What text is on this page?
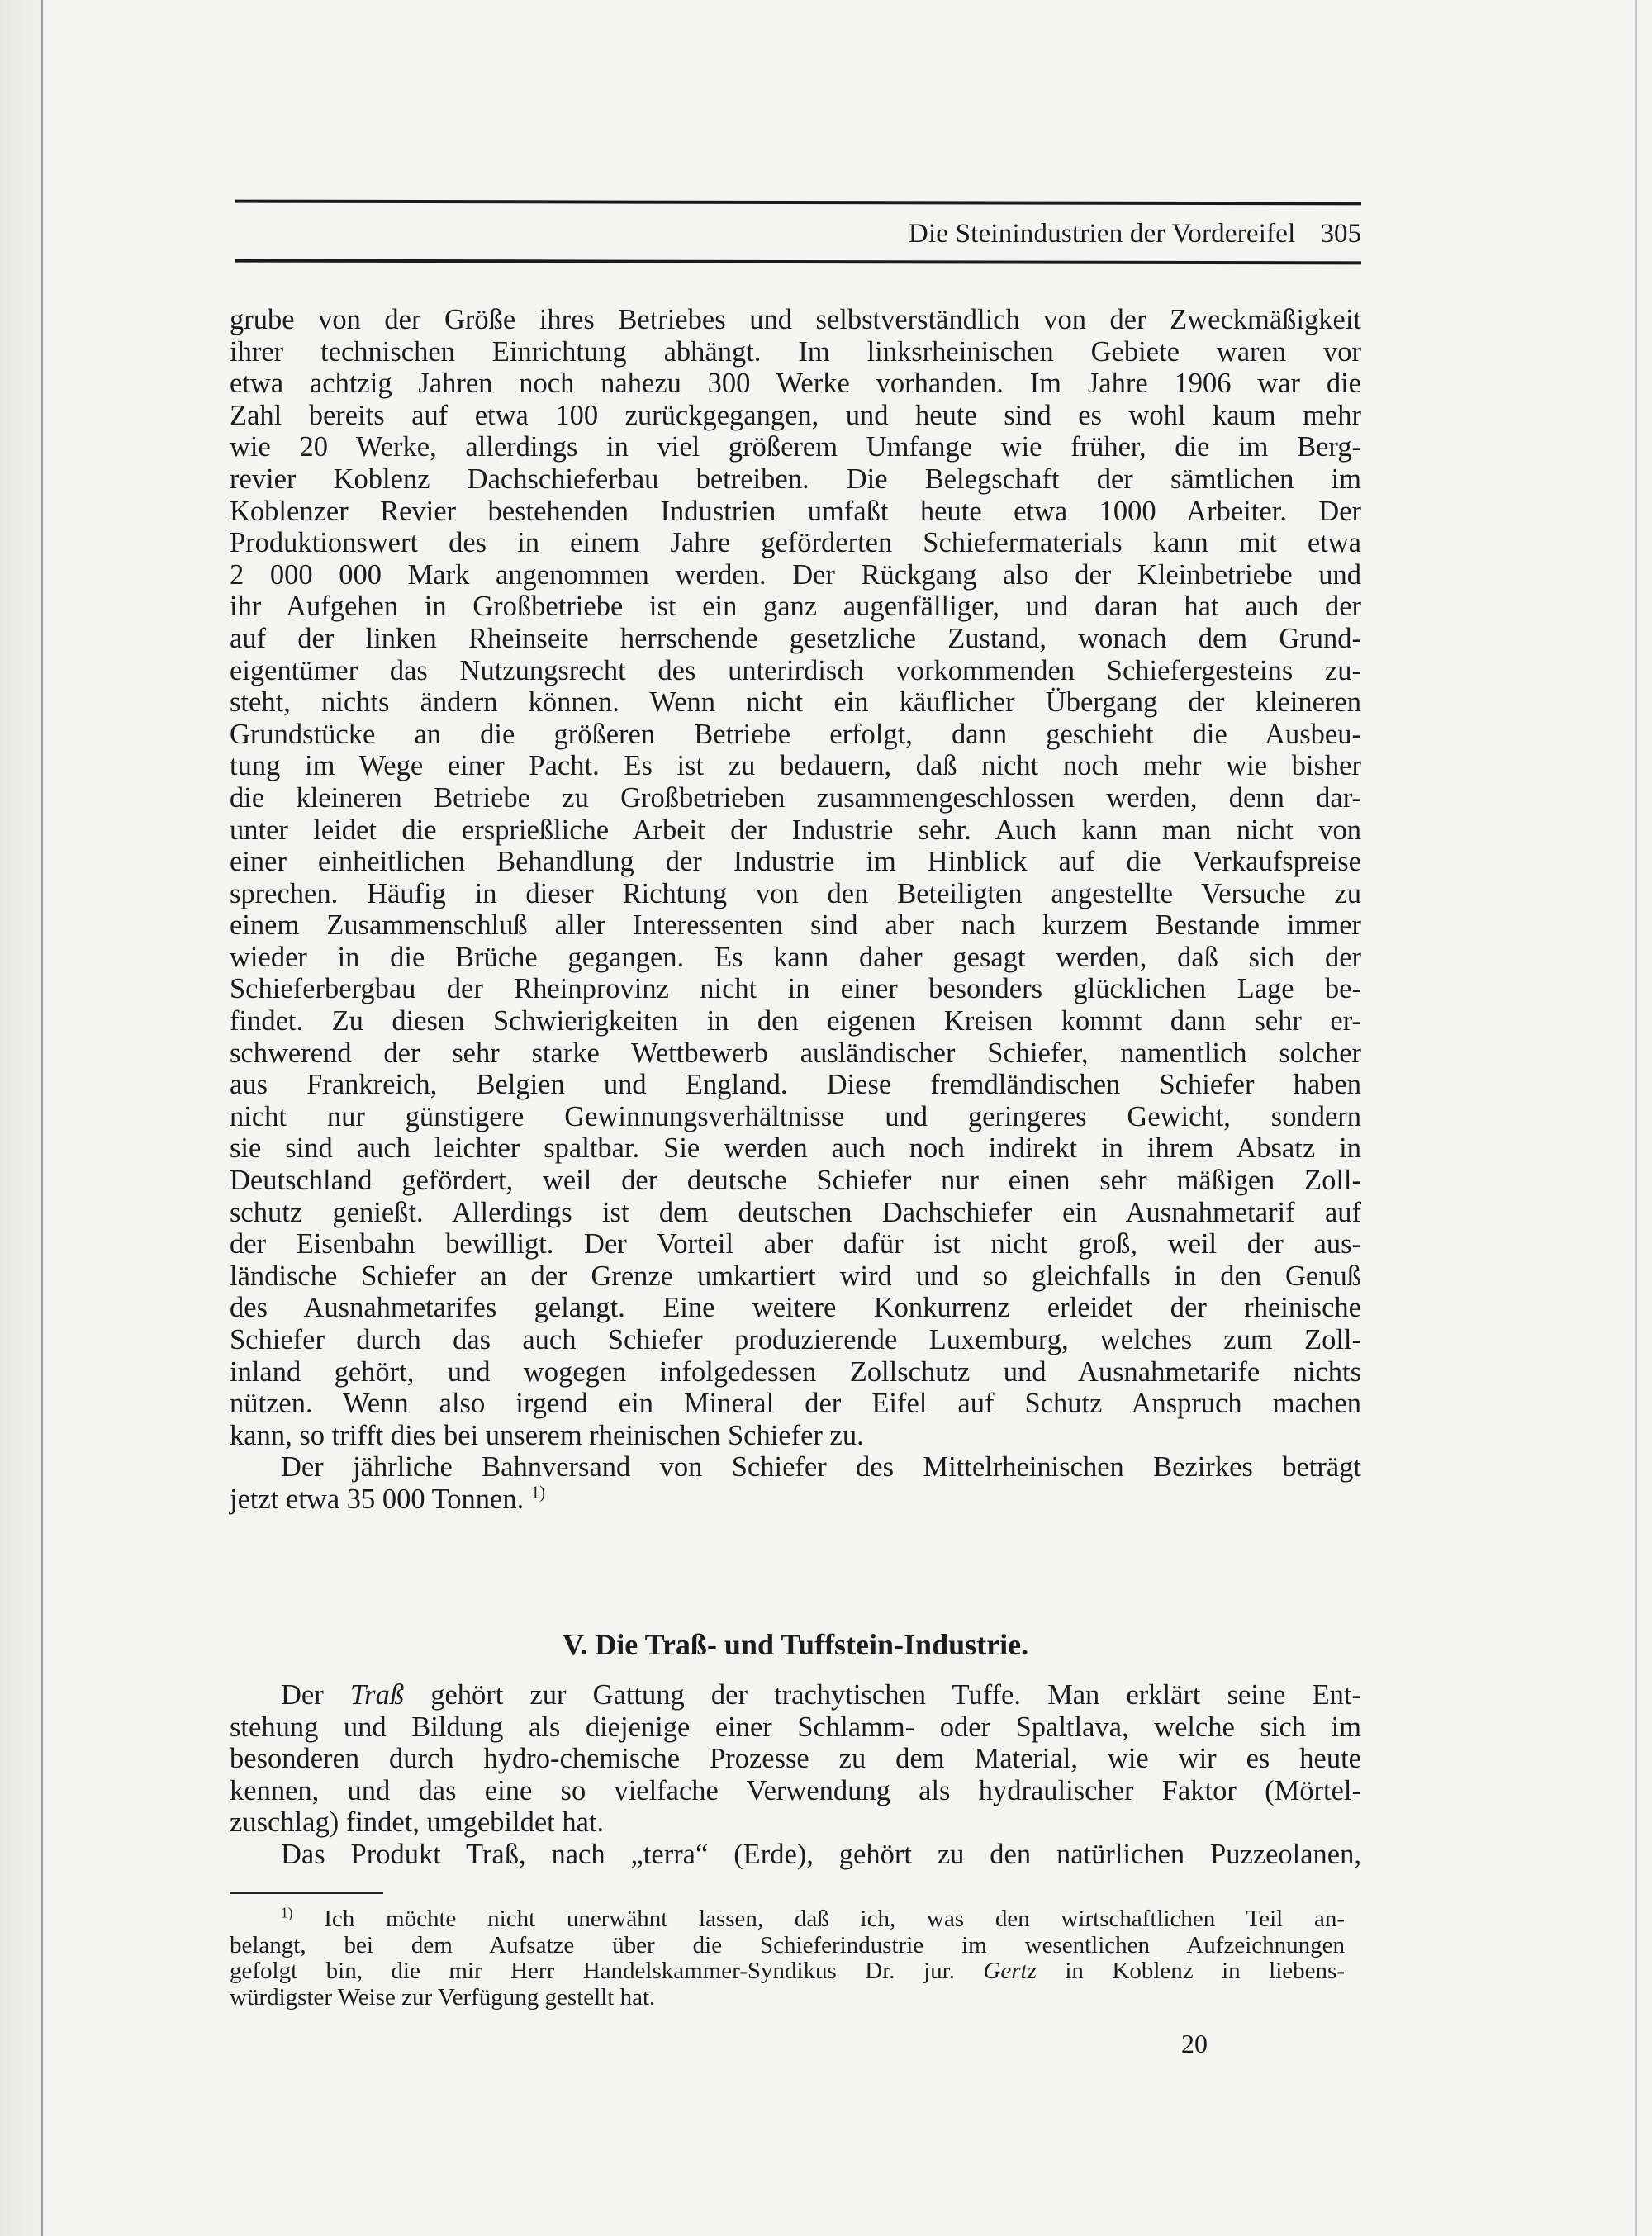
Die Steinindustrien der Vordereifel 305
grube von der Größe ihres Betriebes und selbstverständlich von der Zweckmäßigkeit
ihrer technischen Einrichtung abhängt. Im linksrheinischen Gebiete waren vor
etwa achtzig Jahren noch nahezu 300 Werke vorhanden. Im Jahre 1906 war die
Zahl bereits auf etwa 100 zurückgegangen, und heute sind es wohl kaum mehr
wie 20 Werke, allerdings in viel größerem Umfange wie früher, die im Berg-
revier Koblenz Dachschieferbau betreiben. Die Belegschaft der sämtlichen im
Koblenzer Revier bestehenden Industrien umfaßt heute etwa 1000 Arbeiter. Der
Produktionswert des in einem Jahre geförderten Schiefermaterials kann mit etwa
2 000 000 Mark angenommen werden. Der Rückgang also der Kleinbetriebe und
ihr Aufgehen in Großbetriebe ist ein ganz augenfälliger, und daran hat auch der
auf der linken Rheinseite herrschende gesetzliche Zustand, wonach dem Grund-
eigentümer das Nutzungsrecht des unterirdisch vorkommenden Schiefergesteins zu-
steht, nichts ändern können. Wenn nicht ein käuflicher Übergang der kleineren
Grundstücke an die größeren Betriebe erfolgt, dann geschieht die Ausbeu-
tung im Wege einer Pacht. Es ist zu bedauern, daß nicht noch mehr wie bisher
die kleineren Betriebe zu Großbetrieben zusammengeschlossen werden, denn dar-
unter leidet die ersprießliche Arbeit der Industrie sehr. Auch kann man nicht von
einer einheitlichen Behandlung der Industrie im Hinblick auf die Verkaufspreise
sprechen. Häufig in dieser Richtung von den Beteiligten angestellte Versuche zu
einem Zusammenschluß aller Interessenten sind aber nach kurzem Bestande immer
wieder in die Brüche gegangen. Es kann daher gesagt werden, daß sich der
Schieferbergbau der Rheinprovinz nicht in einer besonders glücklichen Lage be-
findet. Zu diesen Schwierigkeiten in den eigenen Kreisen kommt dann sehr er-
schwerend der sehr starke Wettbewerb ausländischer Schiefer, namentlich solcher
aus Frankreich, Belgien und England. Diese fremdländischen Schiefer haben
nicht nur günstigere Gewinnungsverhältnisse und geringeres Gewicht, sondern
sie sind auch leichter spaltbar. Sie werden auch noch indirekt in ihrem Absatz in
Deutschland gefördert, weil der deutsche Schiefer nur einen sehr mäßigen Zoll-
schutz genießt. Allerdings ist dem deutschen Dachschiefer ein Ausnahmetarif auf
der Eisenbahn bewilligt. Der Vorteil aber dafür ist nicht groß, weil der aus-
ländische Schiefer an der Grenze umkartiert wird und so gleichfalls in den Genuß
des Ausnahmetarifes gelangt. Eine weitere Konkurrenz erleidet der rheinische
Schiefer durch das auch Schiefer produzierende Luxemburg, welches zum Zoll-
inland gehört, und wogegen infolgedessen Zollschutz und Ausnahmetarife nichts
nützen. Wenn also irgend ein Mineral der Eifel auf Schutz Anspruch machen
kann, so trifft dies bei unserem rheinischen Schiefer zu.
Der jährliche Bahnversand von Schiefer des Mittelrheinischen Bezirkes beträgt
jetzt etwa 35 000 Tonnen. $^{1)}$
V. Die Traß- und Tuffstein-Industrie.
Der Traß gehört zur Gattung der trachytischen Tuffe. Man erklärt seine Ent-
stehung und Bildung als diejenige einer Schlamm- oder Spaltlava, welche sich im
besonderen durch hydro-chemische Prozesse zu dem Material, wie wir es heute
kennen, und das eine so vielfache Verwendung als hydraulischer Faktor (Mörtel-
zuschlag) findet, umgebildet hat.
Das Produkt Traß, nach „terra“ (Erde), gehört zu den natürlichen Puzzeolanen,
$^{1)}$ Ich möchte nicht unerwähnt lassen, daß ich, was den wirtschaftlichen Teil an-
belangt, bei dem Aufsatze über die Schieferindustrie im wesentlichen Aufzeichnungen
gefolgt bin, die mir Herr Handelskammer-Syndikus Dr. jur. Gertz in Koblenz in liebens-
würdigster Weise zur Verfügung gestellt hat.
20
